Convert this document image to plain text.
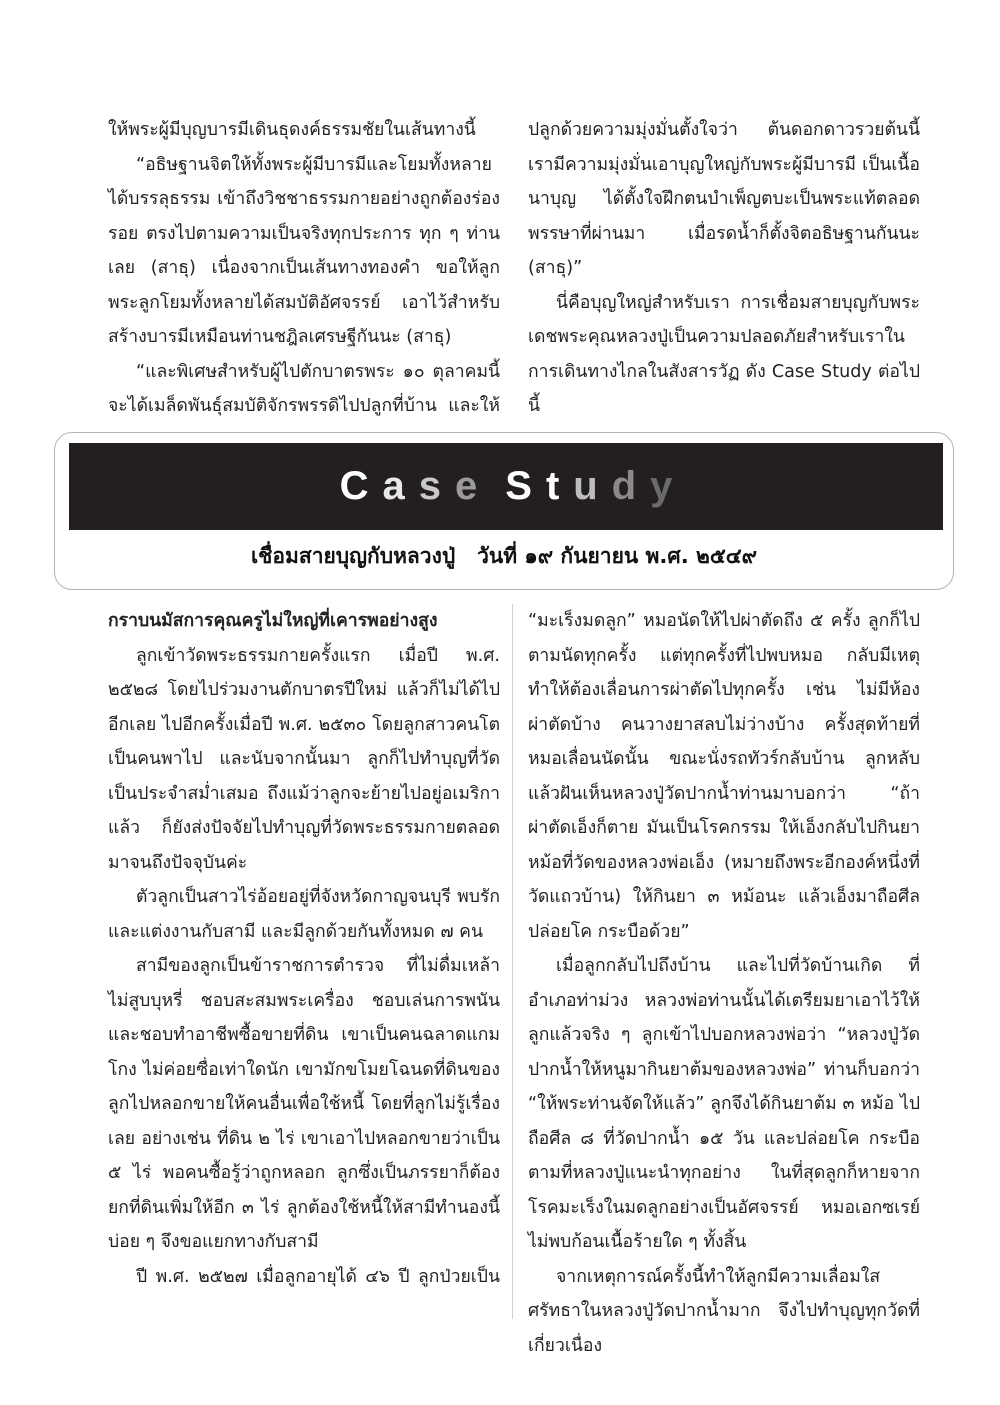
ให้พระผู้มีบุญบารมีเดินธุดงค์ธรรมชัยในเส้นทางนี้

“อธิษฐานจิตให้ทั้งพระผู้มีบารมีและโยมทั้งหลายได้บรรลุธรรม เข้าถึงวิชชาธรรมกายอย่างถูกต้องร่องรอย ตรงไปตามความเป็นจริงทุกประการ ทุก ๆ ท่านเลย (สาธุ) เนื่องจากเป็นเส้นทางทองคำ ขอให้ลูกพระลูกโยมทั้งหลายได้สมบัติอัศจรรย์ เอาไว้สำหรับสร้างบารมีเหมือนท่านชฎิลเศรษฐีกันนะ (สาธุ)

“และพิเศษสำหรับผู้ไปตักบาตรพระ ๑๐ ตุลาคมนี้ จะได้เมล็ดพันธุ์สมบัติจักรพรรดิไปปลูกที่บ้าน และให้

ปลูกด้วยความมุ่งมั่นตั้งใจว่า ต้นดอกดาวรวยต้นนี้ เรามีความมุ่งมั่นเอาบุญใหญ่กับพระผู้มีบารมี เป็นเนื้อนาบุญ ได้ตั้งใจฝึกตนบำเพ็ญตบะเป็นพระแท้ตลอดพรรษาที่ผ่านมา เมื่อรดน้ำก็ตั้งจิตอธิษฐานกันนะ (สาธุ)”

นี่คือบุญใหญ่สำหรับเรา การเชื่อมสายบุญกับพระเดชพระคุณหลวงปู่เป็นความปลอดภัยสำหรับเราในการเดินทางไกลในสังสารวัฏ ดัง Case Study ต่อไปนี้

Case Study
เชื่อมสายบุญกับหลวงปู่   วันที่ ๑๙ กันยายน พ.ศ. ๒๕๔๙

กราบนมัสการคุณครูไม่ใหญ่ที่เคารพอย่างสูง

ลูกเข้าวัดพระธรรมกายครั้งแรก เมื่อปี พ.ศ. ๒๕๒๘ โดยไปร่วมงานตักบาตรปีใหม่ แล้วก็ไม่ได้ไปอีกเลย ไปอีกครั้งเมื่อปี พ.ศ. ๒๕๓๐ โดยลูกสาวคนโตเป็นคนพาไป และนับจากนั้นมา ลูกก็ไปทำบุญที่วัดเป็นประจำสม่ำเสมอ ถึงแม้ว่าลูกจะย้ายไปอยู่อเมริกาแล้ว ก็ยังส่งปัจจัยไปทำบุญที่วัดพระธรรมกายตลอดมาจนถึงปัจจุบันค่ะ

ตัวลูกเป็นสาวไร่อ้อยอยู่ที่จังหวัดกาญจนบุรี พบรักและแต่งงานกับสามี และมีลูกด้วยกันทั้งหมด ๗ คน

สามีของลูกเป็นข้าราชการตำรวจ ที่ไม่ดื่มเหล้า ไม่สูบบุหรี่ ชอบสะสมพระเครื่อง ชอบเล่นการพนัน และชอบทำอาชีพซื้อขายที่ดิน เขาเป็นคนฉลาดแกมโกง ไม่ค่อยซื่อเท่าใดนัก เขามักขโมยโฉนดที่ดินของลูกไปหลอกขายให้คนอื่นเพื่อใช้หนี้ โดยที่ลูกไม่รู้เรื่องเลย อย่างเช่น ที่ดิน ๒ ไร่ เขาเอาไปหลอกขายว่าเป็น ๕ ไร่ พอคนซื้อรู้ว่าถูกหลอก ลูกซึ่งเป็นภรรยาก็ต้องยกที่ดินเพิ่มให้อีก ๓ ไร่ ลูกต้องใช้หนี้ให้สามีทำนองนี้บ่อย ๆ จึงขอแยกทางกับสามี

ปี พ.ศ. ๒๕๒๗ เมื่อลูกอายุได้ ๔๖ ปี ลูกป่วยเป็น

“มะเร็งมดลูก” หมอนัดให้ไปผ่าตัดถึง ๕ ครั้ง ลูกก็ไปตามนัดทุกครั้ง แต่ทุกครั้งที่ไปพบหมอ กลับมีเหตุทำให้ต้องเลื่อนการผ่าตัดไปทุกครั้ง เช่น ไม่มีห้องผ่าตัดบ้าง คนวางยาสลบไม่ว่างบ้าง ครั้งสุดท้ายที่หมอเลื่อนนัดนั้น ขณะนั่งรถทัวร์กลับบ้าน ลูกหลับแล้วฝันเห็นหลวงปู่วัดปากน้ำท่านมาบอกว่า “ถ้าผ่าตัดเอ็งก็ตาย มันเป็นโรคกรรม ให้เอ็งกลับไปกินยาหม้อที่วัดของหลวงพ่อเอ็ง (หมายถึงพระอีกองค์หนึ่งที่วัดแถวบ้าน) ให้กินยา ๓ หม้อนะ แล้วเอ็งมาถือศีลปล่อยโค กระบือด้วย”

เมื่อลูกกลับไปถึงบ้าน และไปที่วัดบ้านเกิด ที่อำเภอท่าม่วง หลวงพ่อท่านนั้นได้เตรียมยาเอาไว้ให้ลูกแล้วจริง ๆ ลูกเข้าไปบอกหลวงพ่อว่า “หลวงปู่วัดปากน้ำให้หนูมากินยาต้มของหลวงพ่อ” ท่านก็บอกว่า “ให้พระท่านจัดให้แล้ว” ลูกจึงได้กินยาต้ม ๓ หม้อ ไปถือศีล ๘ ที่วัดปากน้ำ ๑๕ วัน และปล่อยโค กระบือตามที่หลวงปู่แนะนำทุกอย่าง ในที่สุดลูกก็หายจากโรคมะเร็งในมดลูกอย่างเป็นอัศจรรย์ หมอเอกซเรย์ไม่พบก้อนเนื้อร้ายใด ๆ ทั้งสิ้น

จากเหตุการณ์ครั้งนี้ทำให้ลูกมีความเลื่อมใสศรัทธาในหลวงปู่วัดปากน้ำมาก จึงไปทำบุญทุกวัดที่เกี่ยวเนื่อง
